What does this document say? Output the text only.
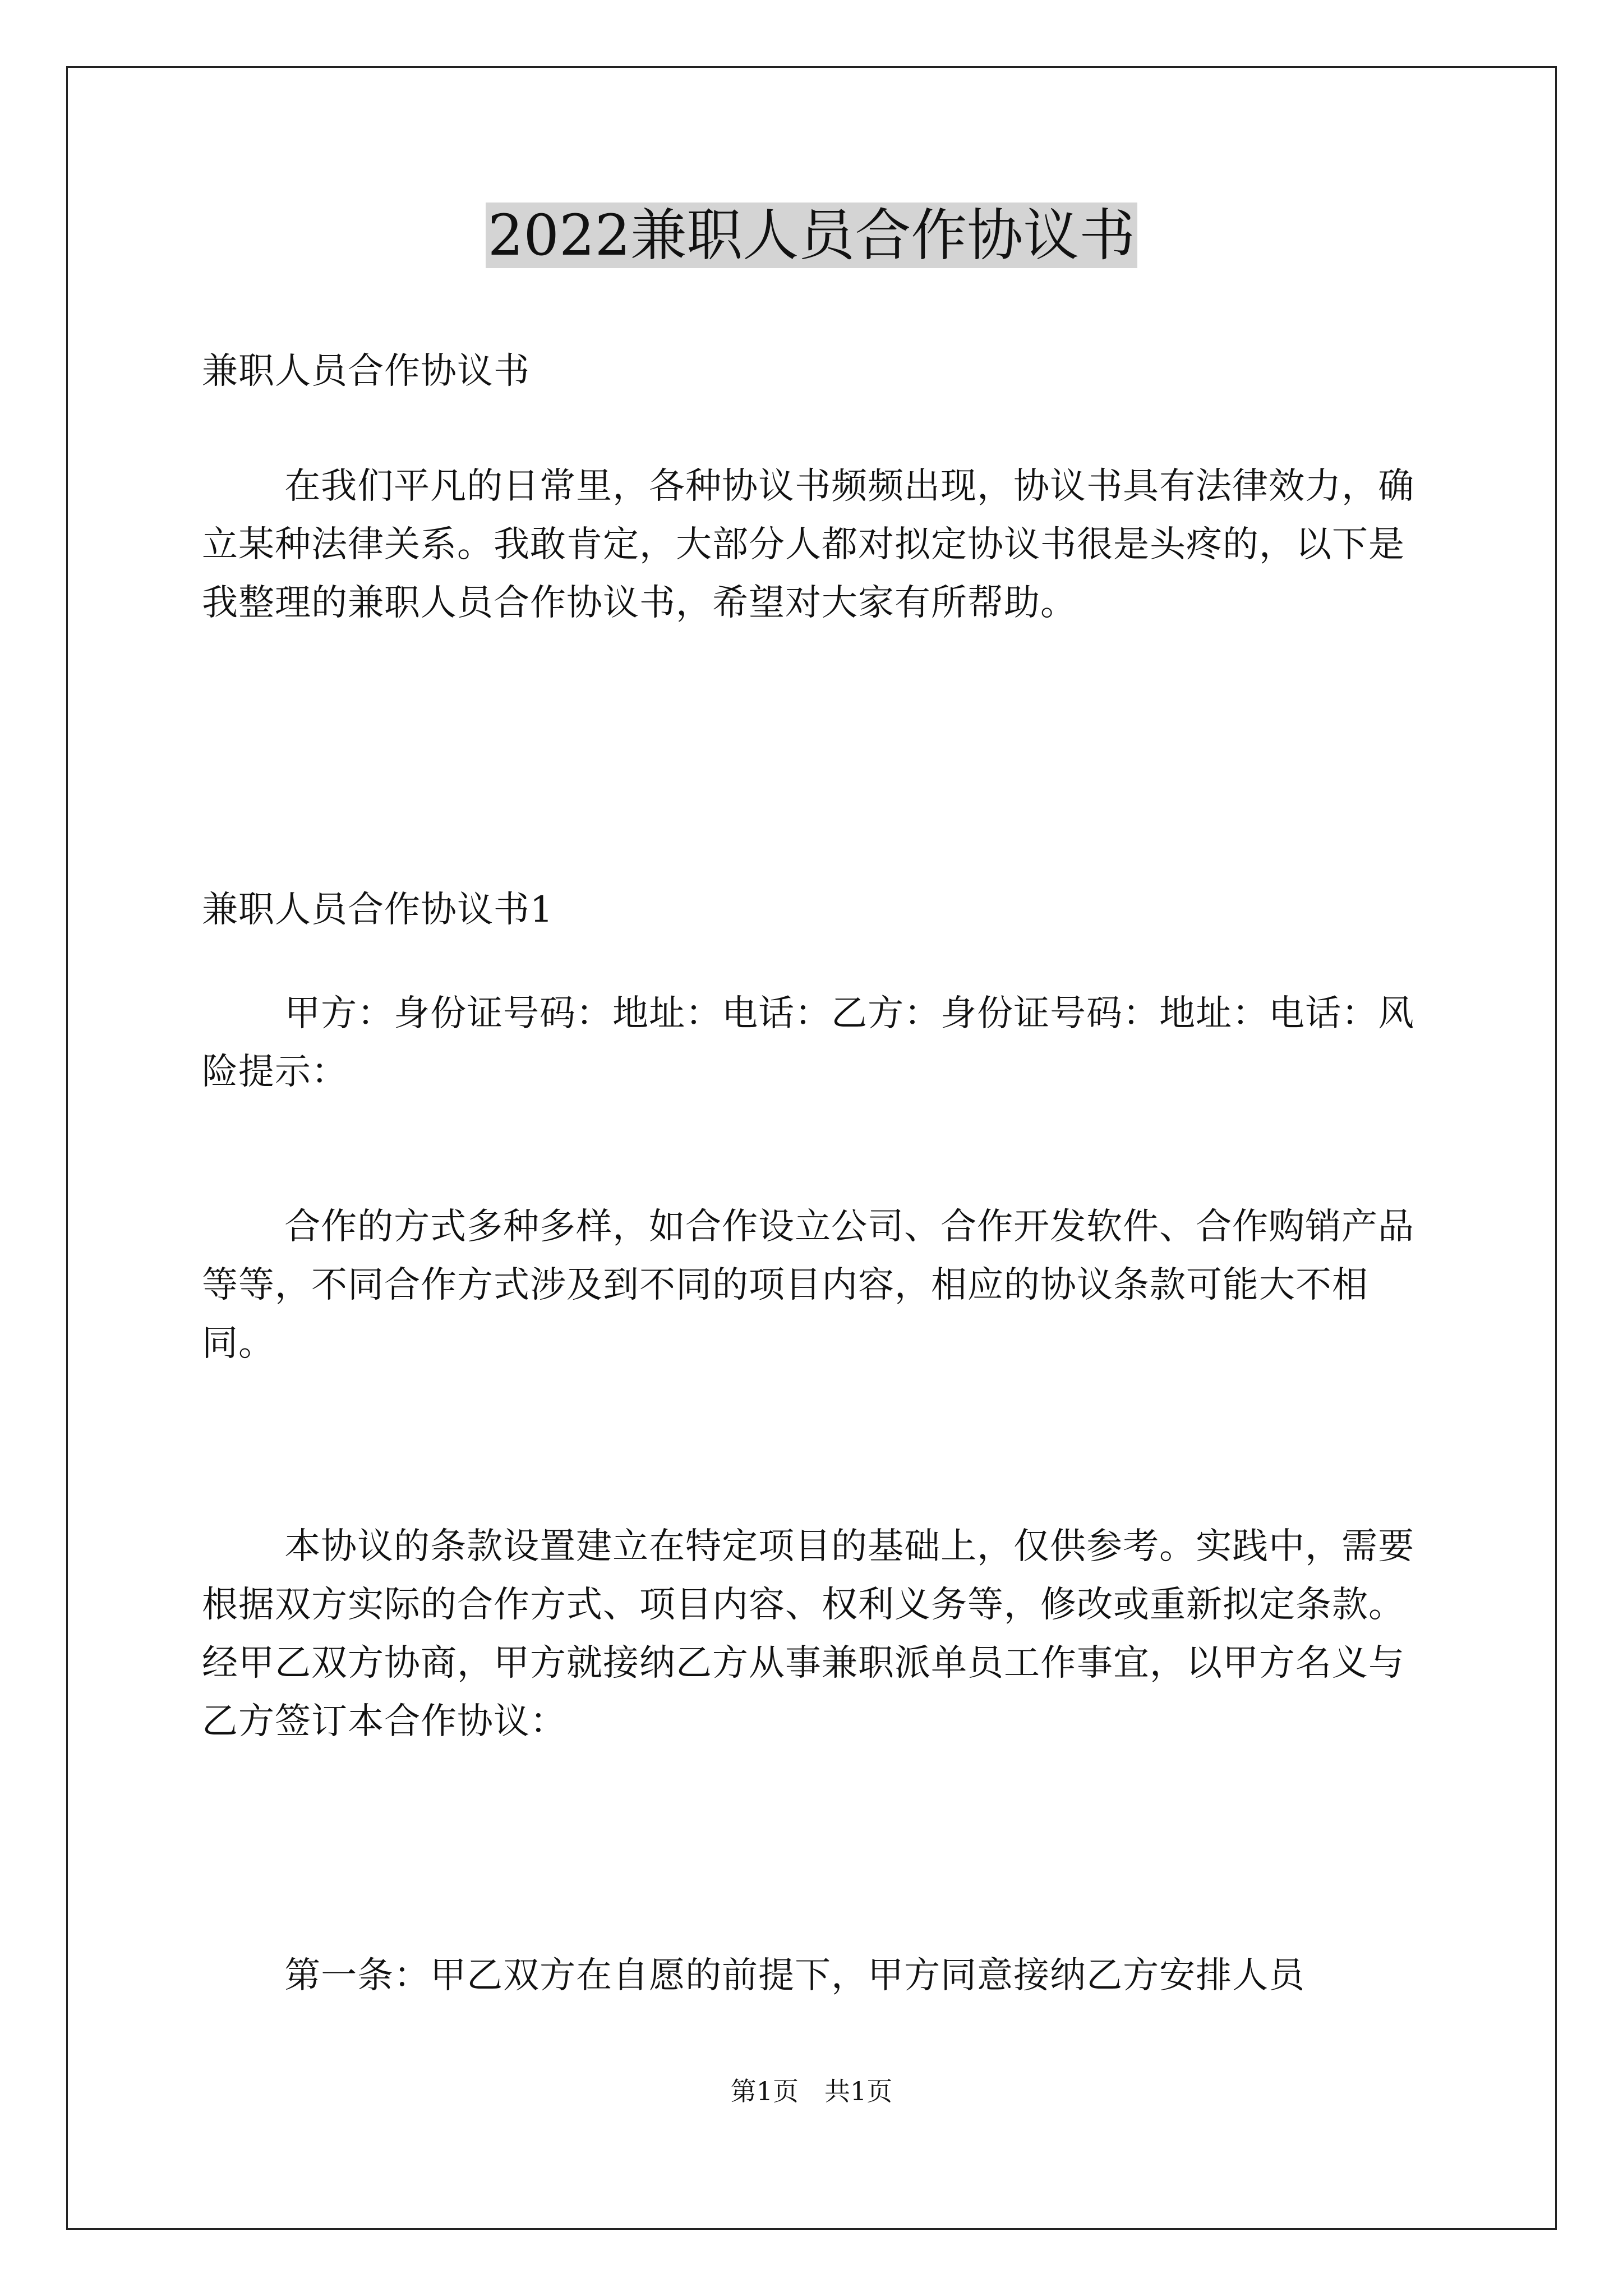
2022兼职人员合作协议书

兼职人员合作协议书

在我们平凡的日常里，各种协议书频频出现，协议书具有法律效力，确立某种法律关系。我敢肯定，大部分人都对拟定协议书很是头疼的，以下是我整理的兼职人员合作协议书，希望对大家有所帮助。

兼职人员合作协议书1

甲方：身份证号码：地址：电话：乙方：身份证号码：地址：电话：风险提示：

合作的方式多种多样，如合作设立公司、合作开发软件、合作购销产品等等，不同合作方式涉及到不同的项目内容，相应的协议条款可能大不相同。

本协议的条款设置建立在特定项目的基础上，仅供参考。实践中，需要根据双方实际的合作方式、项目内容、权利义务等，修改或重新拟定条款。经甲乙双方协商，甲方就接纳乙方从事兼职派单员工作事宜，以甲方名义与乙方签订本合作协议：

第一条：甲乙双方在自愿的前提下，甲方同意接纳乙方安排人员

第1页　共1页
